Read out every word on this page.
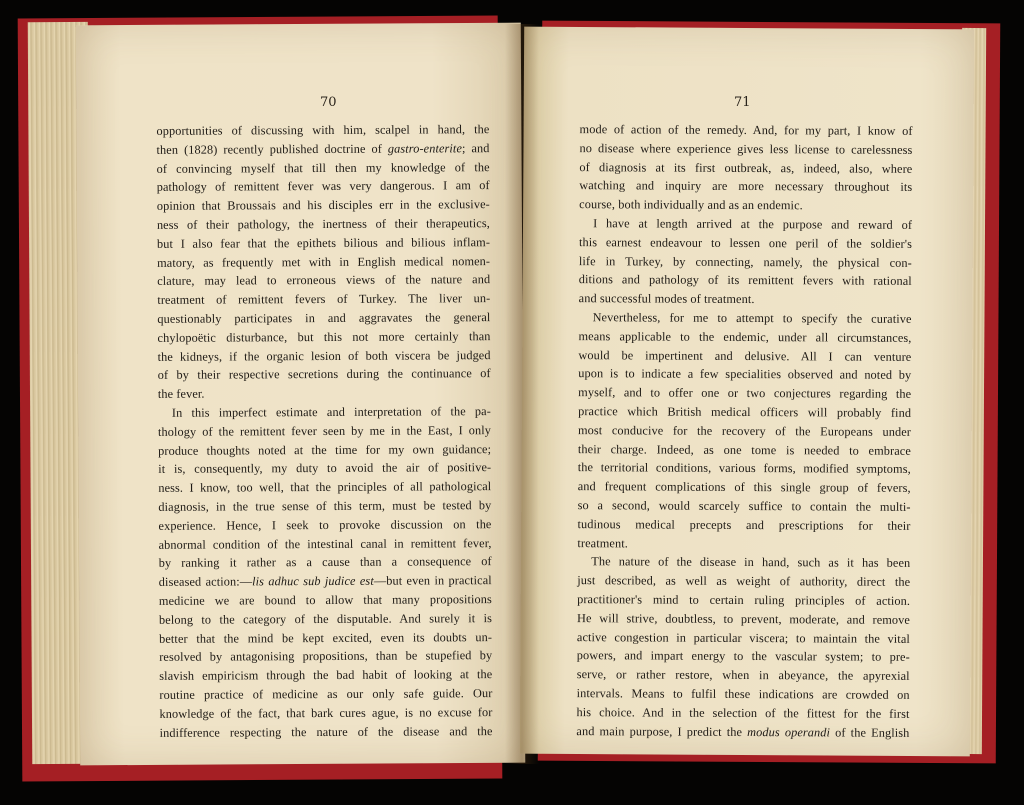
70	71
opportunities of discussing with him, scalpel in hand, the
then (1828) recently published doctrine of gastro-enterite; and
of convincing myself that till then my knowledge of the
pathology of remittent fever was very dangerous. I am of
opinion that Broussais and his disciples err in the exclusive-
ness of their pathology, the inertness of their therapeutics,
but I also fear that the epithets bilious and bilious inflam-
matory, as frequently met with in English medical nomen-
clature, may lead to erroneous views of the nature and
treatment of remittent fevers of Turkey. The liver un-
questionably participates in and aggravates the general
chylopoëtic disturbance, but this not more certainly than
the kidneys, if the organic lesion of both viscera be judged
of by their respective secretions during the continuance of
the fever.
In this imperfect estimate and interpretation of the pa-
thology of the remittent fever seen by me in the East, I only
produce thoughts noted at the time for my own guidance;
it is, consequently, my duty to avoid the air of positive-
ness. I know, too well, that the principles of all pathological
diagnosis, in the true sense of this term, must be tested by
experience. Hence, I seek to provoke discussion on the
abnormal condition of the intestinal canal in remittent fever,
by ranking it rather as a cause than a consequence of
diseased action:—lis adhuc sub judice est—but even in practical
medicine we are bound to allow that many propositions
belong to the category of the disputable. And surely it is
better that the mind be kept excited, even its doubts un-
resolved by antagonising propositions, than be stupefied by
slavish empiricism through the bad habit of looking at the
routine practice of medicine as our only safe guide. Our
knowledge of the fact, that bark cures ague, is no excuse for
indifference respecting the nature of the disease and the
mode of action of the remedy. And, for my part, I know of
no disease where experience gives less license to carelessness
of diagnosis at its first outbreak, as, indeed, also, where
watching and inquiry are more necessary throughout its
course, both individually and as an endemic.
I have at length arrived at the purpose and reward of
this earnest endeavour to lessen one peril of the soldier's
life in Turkey, by connecting, namely, the physical con-
ditions and pathology of its remittent fevers with rational
and successful modes of treatment.
Nevertheless, for me to attempt to specify the curative
means applicable to the endemic, under all circumstances,
would be impertinent and delusive. All I can venture
upon is to indicate a few specialities observed and noted by
myself, and to offer one or two conjectures regarding the
practice which British medical officers will probably find
most conducive for the recovery of the Europeans under
their charge. Indeed, as one tome is needed to embrace
the territorial conditions, various forms, modified symptoms,
and frequent complications of this single group of fevers,
so a second, would scarcely suffice to contain the multi-
tudinous medical precepts and prescriptions for their
treatment.
The nature of the disease in hand, such as it has been
just described, as well as weight of authority, direct the
practitioner's mind to certain ruling principles of action.
He will strive, doubtless, to prevent, moderate, and remove
active congestion in particular viscera; to maintain the vital
powers, and impart energy to the vascular system; to pre-
serve, or rather restore, when in abeyance, the apyrexial
intervals. Means to fulfil these indications are crowded on
his choice. And in the selection of the fittest for the first
and main purpose, I predict the modus operandi of the English
